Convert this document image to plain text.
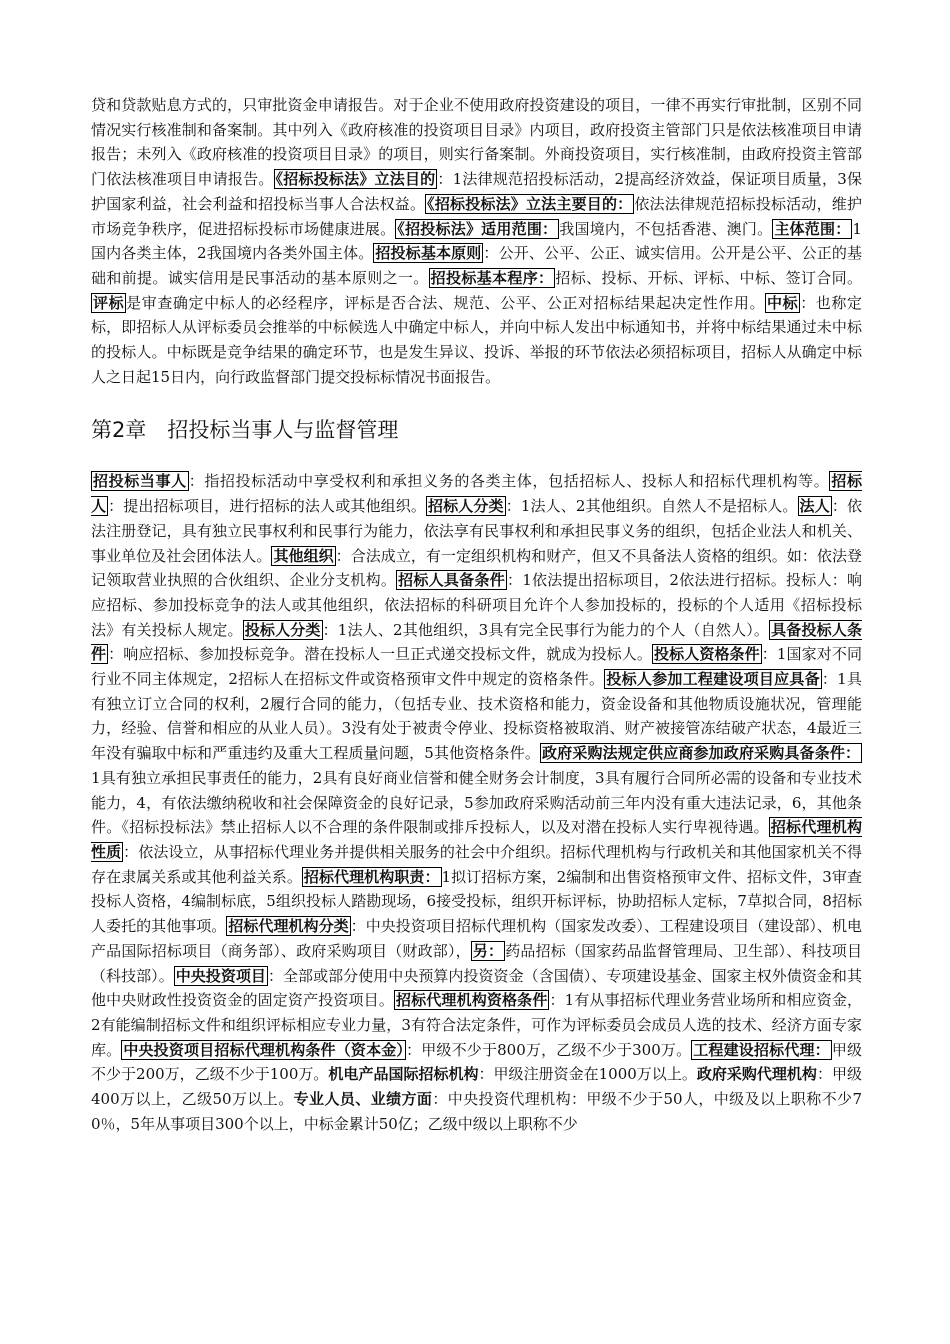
贷和贷款贴息方式的，只审批资金申请报告。对于企业不使用政府投资建设的项目，一律不再实行审批制，区别不同情况实行核准制和备案制。其中列入《政府核准的投资项目目录》内项目，政府投资主管部门只是依法核准项目申请报告；未列入《政府核准的投资项目目录》的项目，则实行备案制。外商投资项目，实行核准制，由政府投资主管部门依法核准项目申请报告。 《招标投标法》立法目的 ：1法律规范招投标活动，2提高经济效益，保证项目质量，3保护国家利益，社会利益和招投标当事人合法权益。 《招标投标法》立法主要目的： 依法法律规范招标投标活动，维护市场竞争秩序，促进招标投标市场健康进展。 《招投标法》适用范围： 我国境内，不包括香港、澳门。 主体范围： 1国内各类主体，2我国境内各类外国主体。 招投标基本原则 ：公开、公平、公正、诚实信用。公开是公平、公正的基础和前提。诚实信用是民事活动的基本原则之一。 招投标基本程序： 招标、投标、开标、评标、中标、签订合同。评标 是审查确定中标人的必经程序，评标是否合法、规范、公平、公正对招标结果起决定性作用。 中标 ：也称定标，即招标人从评标委员会推举的中标候选人中确定中标人，并向中标人发出中标通知书，并将中标结果通过未中标的投标人。中标既是竞争结果的确定环节，也是发生异议、投诉、举报的环节依法必须招标项目，招标人从确定中标人之日起15日内，向行政监督部门提交投标标情况书面报告。

第2章　招投标当事人与监督管理

招投标当事人 ：指招投标活动中享受权利和承担义务的各类主体，包括招标人、投标人和招标代理机构等。 招标人 ：提出招标项目，进行招标的法人或其他组织。 招标人分类 ：1法人、2其他组织。自然人不是招标人。 法人 ：依法注册登记，具有独立民事权利和民事行为能力，依法享有民事权利和承担民事义务的组织，包括企业法人和机关、事业单位及社会团体法人。 其他组织 ：合法成立，有一定组织机构和财产，但又不具备法人资格的组织。如：依法登记领取营业执照的合伙组织、企业分支机构。 招标人具备条件 ：1依法提出招标项目，2依法进行招标。投标人：响应招标、参加投标竞争的法人或其他组织，依法招标的科研项目允许个人参加投标的，投标的个人适用《招标投标法》有关投标人规定。 投标人分类 ：1法人、2其他组织，3具有完全民事行为能力的个人（自然人）。 具备投标人条件 ：响应招标、参加投标竞争。潜在投标人一旦正式递交投标文件，就成为投标人。 投标人资格条件 ：1国家对不同行业不同主体规定，2招标人在招标文件或资格预审文件中规定的资格条件。 投标人参加工程建设项目应具备 ：1具有独立订立合同的权利，2履行合同的能力，（包括专业、技术资格和能力，资金设备和其他物质设施状况，管理能力，经验、信誉和相应的从业人员）。3没有处于被责令停业、投标资格被取消、财产被接管冻结破产状态，4最近三年没有骗取中标和严重违约及重大工程质量问题，5其他资格条件。 政府采购法规定供应商参加政府采购具备条件：1具有独立承担民事责任的能力，2具有良好商业信誉和健全财务会计制度，3具有履行合同所必需的设备和专业技术能力，4，有依法缴纳税收和社会保障资金的良好记录，5参加政府采购活动前三年内没有重大违法记录，6，其他条件。《招标投标法》禁止招标人以不合理的条件限制或排斥投标人，以及对潜在投标人实行卑视待遇。 招标代理机构性质 ：依法设立，从事招标代理业务并提供相关服务的社会中介组织。招标代理机构与行政机关和其他国家机关不得存在隶属关系或其他利益关系。 招标代理机构职责： 1拟订招标方案，2编制和出售资格预审文件、招标文件，3审查投标人资格，4编制标底，5组织投标人踏勘现场，6接受投标，组织开标评标，协助招标人定标，7草拟合同，8招标人委托的其他事项。 招标代理机构分类 ：中央投资项目招标代理机构（国家发改委）、工程建设项目（建设部）、机电产品国际招标项目（商务部）、政府采购项目（财政部）， 另： 药品招标（国家药品监督管理局、卫生部）、科技项目（科技部）。 中央投资项目 ：全部或部分使用中央预算内投资资金（含国债）、专项建设基金、国家主权外债资金和其他中央财政性投资资金的固定资产投资项目。 招标代理机构资格条件 ：1有从事招标代理业务营业场所和相应资金，2有能编制招标文件和组织评标相应专业力量，3有符合法定条件，可作为评标委员会成员人选的技术、经济方面专家库。 中央投资项目招标代理机构条件（资本金） ：甲级不少于800万，乙级不少于300万。 工程建设招标代理： 甲级不少于200万，乙级不少于100万。机电产品国际招标机构：甲级注册资金在1000万以上。政府采购代理机构：甲级400万以上，乙级50万以上。专业人员、业绩方面：中央投资代理机构：甲级不少于50人，中级及以上职称不少70％，5年从事项目300个以上，中标金累计50亿；乙级中级以上职称不少
